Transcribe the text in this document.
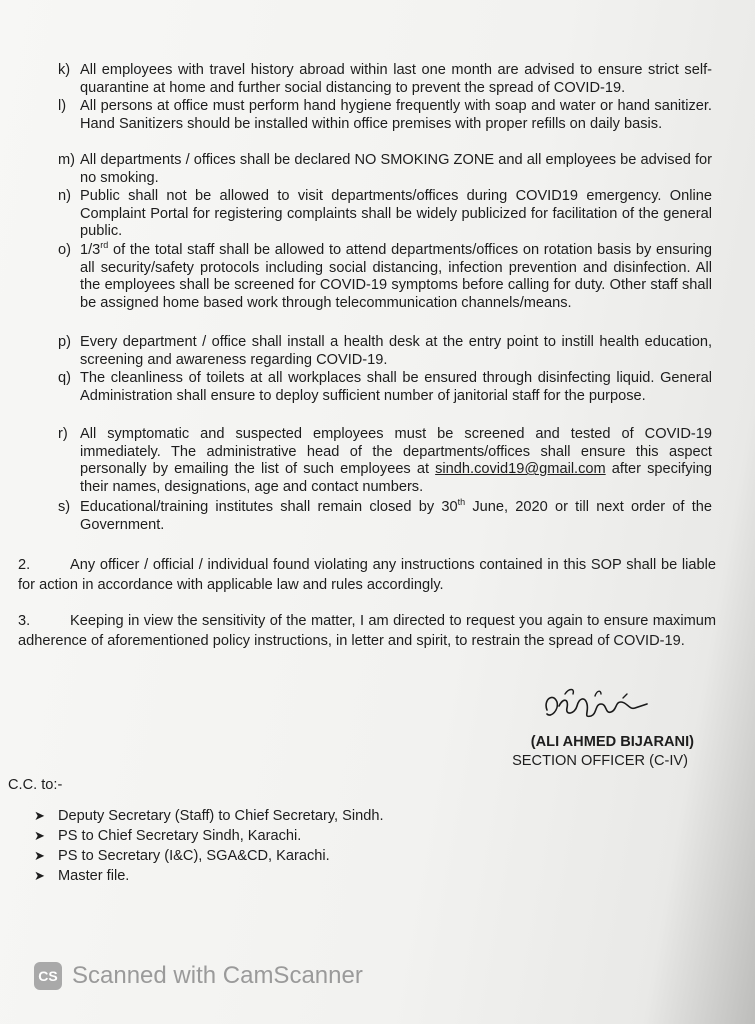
k) All employees with travel history abroad within last one month are advised to ensure strict self-quarantine at home and further social distancing to prevent the spread of COVID-19.
l) All persons at office must perform hand hygiene frequently with soap and water or hand sanitizer. Hand Sanitizers should be installed within office premises with proper refills on daily basis.
m) All departments / offices shall be declared NO SMOKING ZONE and all employees be advised for no smoking.
n) Public shall not be allowed to visit departments/offices during COVID19 emergency. Online Complaint Portal for registering complaints shall be widely publicized for facilitation of the general public.
o) 1/3rd of the total staff shall be allowed to attend departments/offices on rotation basis by ensuring all security/safety protocols including social distancing, infection prevention and disinfection. All the employees shall be screened for COVID-19 symptoms before calling for duty. Other staff shall be assigned home based work through telecommunication channels/means.
p) Every department / office shall install a health desk at the entry point to instill health education, screening and awareness regarding COVID-19.
q) The cleanliness of toilets at all workplaces shall be ensured through disinfecting liquid. General Administration shall ensure to deploy sufficient number of janitorial staff for the purpose.
r) All symptomatic and suspected employees must be screened and tested of COVID-19 immediately. The administrative head of the departments/offices shall ensure this aspect personally by emailing the list of such employees at sindh.covid19@gmail.com after specifying their names, designations, age and contact numbers.
s) Educational/training institutes shall remain closed by 30th June, 2020 or till next order of the Government.
2.	Any officer / official / individual found violating any instructions contained in this SOP shall be liable for action in accordance with applicable law and rules accordingly.
3.	Keeping in view the sensitivity of the matter, I am directed to request you again to ensure maximum adherence of aforementioned policy instructions, in letter and spirit, to restrain the spread of COVID-19.
(ALI AHMED BIJARANI)
SECTION OFFICER (C-IV)
C.C. to:-
➤ Deputy Secretary (Staff) to Chief Secretary, Sindh.
➤ PS to Chief Secretary Sindh, Karachi.
➤ PS to Secretary (I&C), SGA&CD, Karachi.
➤ Master file.
CS Scanned with CamScanner
